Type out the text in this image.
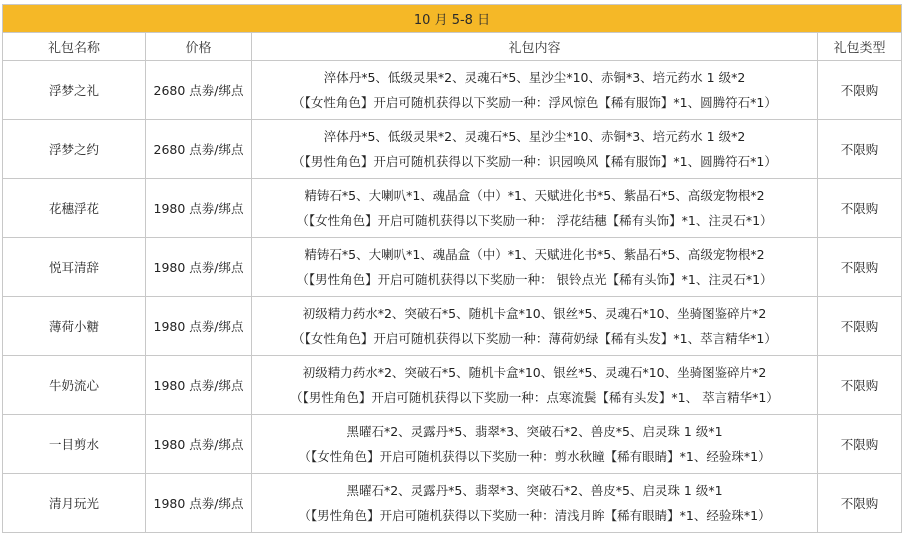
10 月 5-8 日			
礼包名称	价格	礼包内容	礼包类型
浮梦之礼	2680 点劵/绑点	淬体丹*5、低级灵果*2、灵魂石*5、星沙尘*10、赤铜*3、培元药水 1 级*2
（【女性角色】开启可随机获得以下奖励一种：浮风惊色【稀有服饰】*1、圆腾符石*1）	不限购
浮梦之约	2680 点劵/绑点	淬体丹*5、低级灵果*2、灵魂石*5、星沙尘*10、赤铜*3、培元药水 1 级*2
（【男性角色】开启可随机获得以下奖励一种：识园唤风【稀有服饰】*1、圆腾符石*1）	不限购
花穗浮花	1980 点劵/绑点	精铸石*5、大喇叭*1、魂晶盒（中）*1、天赋进化书*5、紫晶石*5、高级宠物根*2
（【女性角色】开启可随机获得以下奖励一种： 浮花结穗【稀有头饰】*1、注灵石*1）	不限购
悦耳清辞	1980 点劵/绑点	精铸石*5、大喇叭*1、魂晶盒（中）*1、天赋进化书*5、紫晶石*5、高级宠物根*2
（【男性角色】开启可随机获得以下奖励一种： 银铃点光【稀有头饰】*1、注灵石*1）	不限购
薄荷小糖	1980 点劵/绑点	初级精力药水*2、突破石*5、随机卡盒*10、银丝*5、灵魂石*10、坐骑图鉴碎片*2
（【女性角色】开启可随机获得以下奖励一种：薄荷奶绿【稀有头发】*1、萃言精华*1）	不限购
牛奶流心	1980 点劵/绑点	初级精力药水*2、突破石*5、随机卡盒*10、银丝*5、灵魂石*10、坐骑图鉴碎片*2
（【男性角色】开启可随机获得以下奖励一种：点寒流鬓【稀有头发】*1、 萃言精华*1）	不限购
一目剪水	1980 点劵/绑点	黑曜石*2、灵露丹*5、翡翠*3、突破石*2、兽皮*5、启灵珠 1 级*1
（【女性角色】开启可随机获得以下奖励一种：剪水秋瞳【稀有眼睛】*1、经验珠*1）	不限购
清月玩光	1980 点劵/绑点	黑曜石*2、灵露丹*5、翡翠*3、突破石*2、兽皮*5、启灵珠 1 级*1
（【男性角色】开启可随机获得以下奖励一种：清浅月眸【稀有眼睛】*1、经验珠*1）	不限购
